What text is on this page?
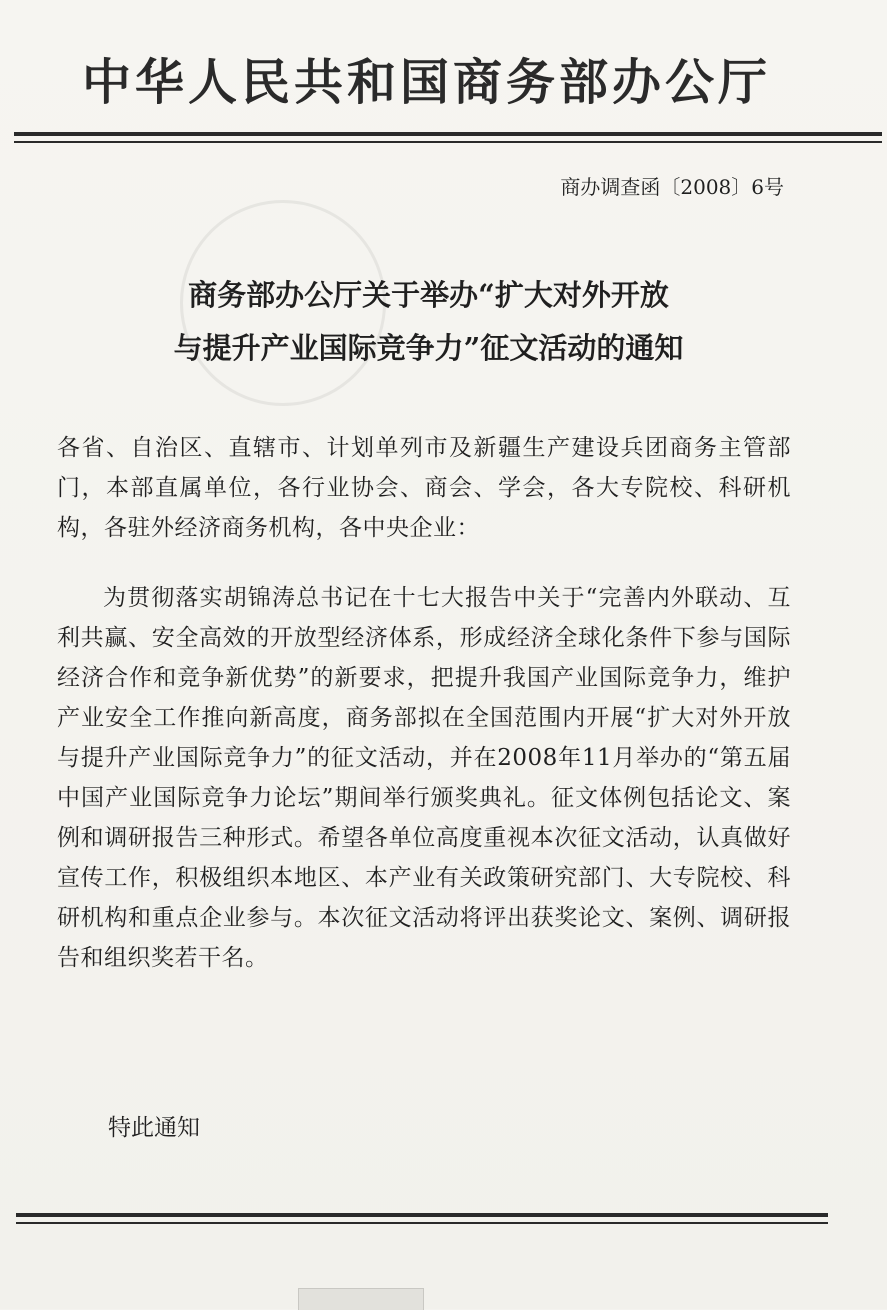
中华人民共和国商务部办公厅
商办调查函〔2008〕6号
商务部办公厅关于举办“扩大对外开放
与提升产业国际竞争力”征文活动的通知
各省、自治区、直辖市、计划单列市及新疆生产建设兵团商务主管部门，本部直属单位，各行业协会、商会、学会，各大专院校、科研机构，各驻外经济商务机构，各中央企业：
为贯彻落实胡锦涛总书记在十七大报告中关于“完善内外联动、互利共赢、安全高效的开放型经济体系，形成经济全球化条件下参与国际经济合作和竞争新优势”的新要求，把提升我国产业国际竞争力，维护产业安全工作推向新高度，商务部拟在全国范围内开展“扩大对外开放与提升产业国际竞争力”的征文活动，并在2008年11月举办的“第五届中国产业国际竞争力论坛”期间举行颁奖典礼。征文体例包括论文、案例和调研报告三种形式。希望各单位高度重视本次征文活动，认真做好宣传工作，积极组织本地区、本产业有关政策研究部门、大专院校、科研机构和重点企业参与。本次征文活动将评出获奖论文、案例、调研报告和组织奖若干名。
特此通知
